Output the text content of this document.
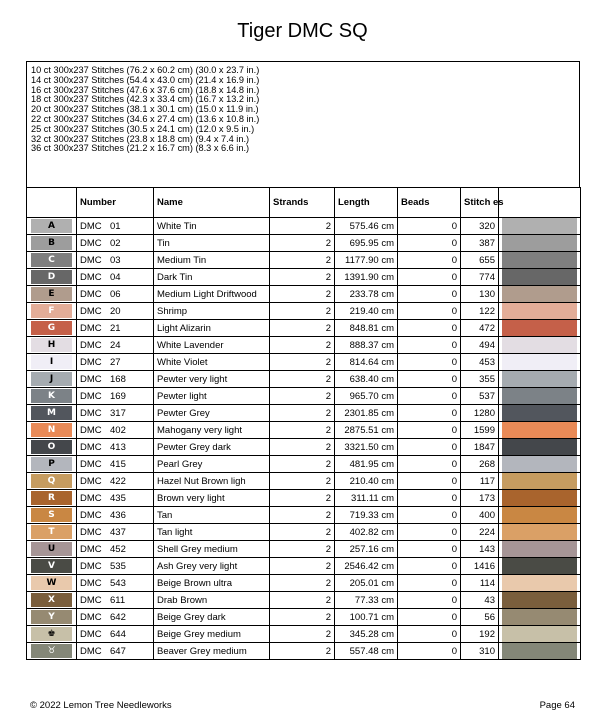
Tiger DMC SQ
10 ct 300x237 Stitches (76.2 x 60.2 cm) (30.0 x 23.7 in.)
14 ct 300x237 Stitches (54.4 x 43.0 cm) (21.4 x 16.9 in.)
16 ct 300x237 Stitches (47.6 x 37.6 cm) (18.8 x 14.8 in.)
18 ct 300x237 Stitches (42.3 x 33.4 cm) (16.7 x 13.2 in.)
20 ct 300x237 Stitches (38.1 x 30.1 cm) (15.0 x 11.9 in.)
22 ct 300x237 Stitches (34.6 x 27.4 cm) (13.6 x 10.8 in.)
25 ct 300x237 Stitches (30.5 x 24.1 cm) (12.0 x 9.5 in.)
32 ct 300x237 Stitches (23.8 x 18.8 cm) (9.4 x 7.4 in.)
36 ct 300x237 Stitches (21.2 x 16.7 cm) (8.3 x 6.6 in.)
	Number	Name	Strands	Length	Beads	Stitch es	

A	DMC 01	White Tin	2	575.46 cm	0	320	

B	DMC 02	Tin	2	695.95 cm	0	387	

C	DMC 03	Medium Tin	2	1177.90 cm	0	655	

D	DMC 04	Dark Tin	2	1391.90 cm	0	774	

E	DMC 06	Medium Light Driftwood	2	233.78 cm	0	130	

F	DMC 20	Shrimp	2	219.40 cm	0	122	

G	DMC 21	Light Alizarin	2	848.81 cm	0	472	

H	DMC 24	White Lavender	2	888.37 cm	0	494	

I	DMC 27	White Violet	2	814.64 cm	0	453	

J	DMC 168	Pewter very light	2	638.40 cm	0	355	

K	DMC 169	Pewter light	2	965.70 cm	0	537	

M	DMC 317	Pewter Grey	2	2301.85 cm	0	1280	

N	DMC 402	Mahogany very light	2	2875.51 cm	0	1599	

O	DMC 413	Pewter Grey dark	2	3321.50 cm	0	1847	

P	DMC 415	Pearl Grey	2	481.95 cm	0	268	

Q	DMC 422	Hazel Nut Brown ligh	2	210.40 cm	0	117	

R	DMC 435	Brown very light	2	311.11 cm	0	173	

S	DMC 436	Tan	2	719.33 cm	0	400	

T	DMC 437	Tan light	2	402.82 cm	0	224	

U	DMC 452	Shell Grey medium	2	257.16 cm	0	143	

V	DMC 535	Ash Grey very light	2	2546.42 cm	0	1416	

W	DMC 543	Beige Brown ultra	2	205.01 cm	0	114	

X	DMC 611	Drab Brown	2	77.33 cm	0	43	

Y	DMC 642	Beige Grey dark	2	100.71 cm	0	56	

♚	DMC 644	Beige Grey medium	2	345.28 cm	0	192	

♉	DMC 647	Beaver Grey medium	2	557.48 cm	0	310	
© 2022 Lemon Tree Needleworks	Page 64
